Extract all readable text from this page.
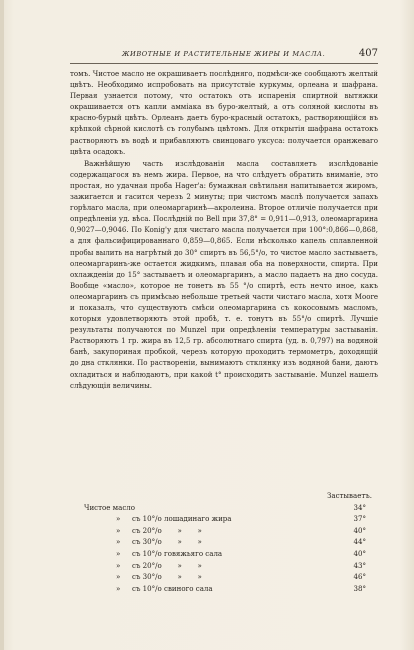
ЖИВОТНЫЕ И РАСТИТЕЛЬНЫЕ ЖИРЫ И МАСЛА.	407

томъ. Чистое масло не окрашиваетъ послѣдняго, подмѣси-же сообщаютъ желтый цвѣтъ. Необходимо испробовать на присутствіе куркумы, орлеана и шафрана. Первая узнается потому, что остатокъ отъ испаренія спиртной вытяжки окрашивается отъ капли амміака въ буро-желтый, а отъ соляной кислоты въ красно-бурый цвѣтъ. Орлеанъ даетъ буро-красный остатокъ, растворяющійся въ крѣпкой сѣрной кислотѣ съ голубымъ цвѣтомъ. Для открытія шафрана остатокъ растворяютъ въ водѣ и прибавляютъ свинцоваго уксуса: получается оранжеваго цвѣта осадокъ.

Важнѣйшую часть изслѣдованія масла составляетъ изслѣдованіе содержащагося въ немъ жира. Первое, на что слѣдуетъ обратить вниманіе, это простая, но удачная проба Hager'a: бумажная свѣтильня напитывается жиромъ, зажигается и гасится черезъ 2 минуты; при чистомъ маслѣ получается запахъ горѣлаго масла, при олеомаргаринѣ—акролеина. Второе отличіе получается при опредѣленіи уд. вѣса. Послѣдній по Bell при 37,8° = 0,911—0,913, олеомаргарина 0,9027—0,9046. По Konig'у для чистаго масла получается при 100°:0,866—0,868, а для фальсифицированнаго 0,859—0,865. Если нѣсколько капель сплавленной пробы вылить на нагрѣтый до 30° спиртъ въ 56,5°/о, то чистое масло застываетъ, олеомаргаринъ-же остается жидкимъ, плавая оба на поверхности, спирта. При охлажденіи до 15° застываетъ и олеомаргаринъ, а масло падаетъ на дно сосуда. Вообще «масло», которое не тонетъ въ 55 °/о спиртѣ, есть нечто иное, какъ олеомаргаринъ съ примѣсью небольше третьей части чистаго масла, хотя Moore и показалъ, что существуютъ смѣси олеомаргарина съ кокосовымъ масломъ, которыя удовлетворяютъ этой пробѣ, т. е. тонутъ въ 55°/о спиртѣ. Лучшіе результаты получаются по Munzel при опредѣленіи температуры застыванія. Растворяютъ 1 гр. жира въ 12,5 гр. абсолютнаго спирта (уд. в. 0,797) на водяной банѣ, закупориная пробкой, черезъ которую проходитъ термометръ, доходящій до дна стклянки. По раствореніи, вынимаютъ стклянку изъ водяной бани, даютъ охладиться и наблюдаютъ, при какой t° происходитъ застываніе. Munzel нашелъ слѣдующія величины.

Застываетъ.
Чистое масло	34°
» съ 10°/о лошадинаго жира	37°
» съ 20°/о       »       »	40°
» съ 30°/о       »       »	44°
» съ 10°/о говяжьяго сала	40°
» съ 20°/о       »       »	43°
» съ 30°/о       »       »	46°
» съ 10°/о свиного сала	38°
